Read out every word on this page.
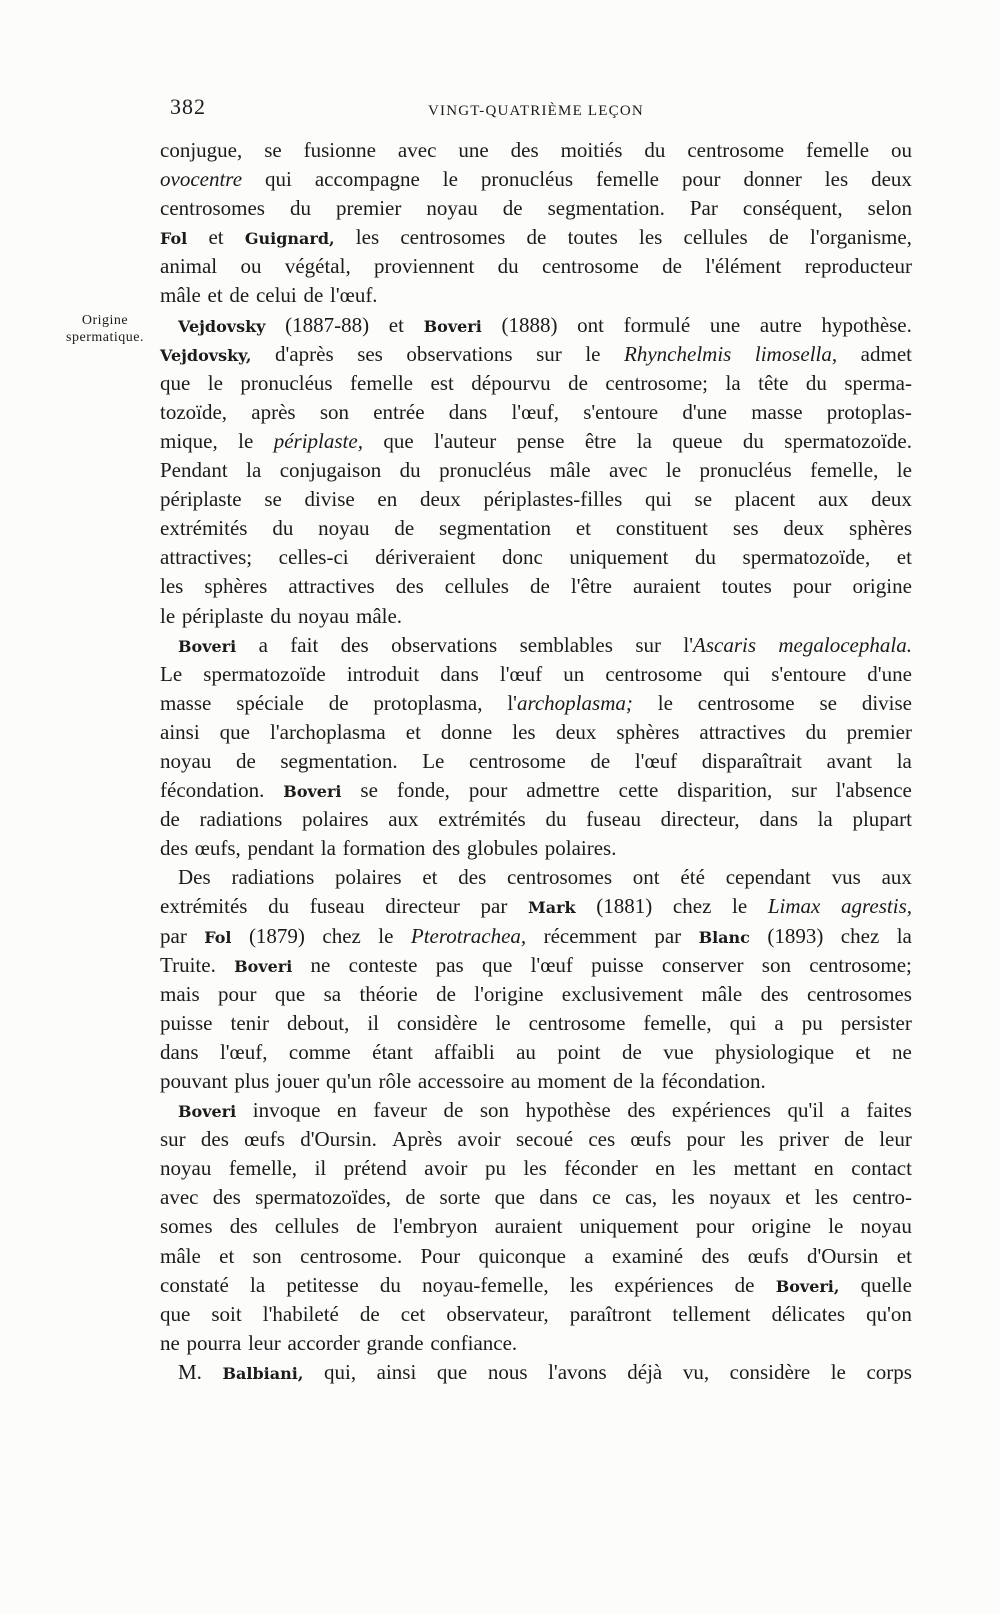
382	VINGT-QUATRIÈME LEÇON
Origine
spermatique.
conjugue, se fusionne avec une des moitiés du centrosome femelle ou
ovocentre qui accompagne le pronucléus femelle pour donner les deux
centrosomes du premier noyau de segmentation. Par conséquent, selon
Fol et Guignard, les centrosomes de toutes les cellules de l'organisme,
animal ou végétal, proviennent du centrosome de l'élément reproducteur
mâle et de celui de l'œuf.
Vejdovsky (1887-88) et Boveri (1888) ont formulé une autre hypothèse.
Vejdovsky, d'après ses observations sur le Rhynchelmis limosella, admet
que le pronucléus femelle est dépourvu de centrosome; la tête du sperma-
tozoïde, après son entrée dans l'œuf, s'entoure d'une masse protoplas-
mique, le périplaste, que l'auteur pense être la queue du spermatozoïde.
Pendant la conjugaison du pronucléus mâle avec le pronucléus femelle, le
périplaste se divise en deux périplastes-filles qui se placent aux deux
extrémités du noyau de segmentation et constituent ses deux sphères
attractives; celles-ci dériveraient donc uniquement du spermatozoïde, et
les sphères attractives des cellules de l'être auraient toutes pour origine
le périplaste du noyau mâle.
Boveri a fait des observations semblables sur l'Ascaris megalocephala.
Le spermatozoïde introduit dans l'œuf un centrosome qui s'entoure d'une
masse spéciale de protoplasma, l'archoplasma; le centrosome se divise
ainsi que l'archoplasma et donne les deux sphères attractives du premier
noyau de segmentation. Le centrosome de l'œuf disparaîtrait avant la
fécondation. Boveri se fonde, pour admettre cette disparition, sur l'absence
de radiations polaires aux extrémités du fuseau directeur, dans la plupart
des œufs, pendant la formation des globules polaires.
Des radiations polaires et des centrosomes ont été cependant vus aux
extrémités du fuseau directeur par Mark (1881) chez le Limax agrestis,
par Fol (1879) chez le Pterotrachea, récemment par Blanc (1893) chez la
Truite. Boveri ne conteste pas que l'œuf puisse conserver son centrosome;
mais pour que sa théorie de l'origine exclusivement mâle des centrosomes
puisse tenir debout, il considère le centrosome femelle, qui a pu persister
dans l'œuf, comme étant affaibli au point de vue physiologique et ne
pouvant plus jouer qu'un rôle accessoire au moment de la fécondation.
Boveri invoque en faveur de son hypothèse des expériences qu'il a faites
sur des œufs d'Oursin. Après avoir secoué ces œufs pour les priver de leur
noyau femelle, il prétend avoir pu les féconder en les mettant en contact
avec des spermatozoïdes, de sorte que dans ce cas, les noyaux et les centro-
somes des cellules de l'embryon auraient uniquement pour origine le noyau
mâle et son centrosome. Pour quiconque a examiné des œufs d'Oursin et
constaté la petitesse du noyau-femelle, les expériences de Boveri, quelle
que soit l'habileté de cet observateur, paraîtront tellement délicates qu'on
ne pourra leur accorder grande confiance.
M. Balbiani, qui, ainsi que nous l'avons déjà vu, considère le corps
